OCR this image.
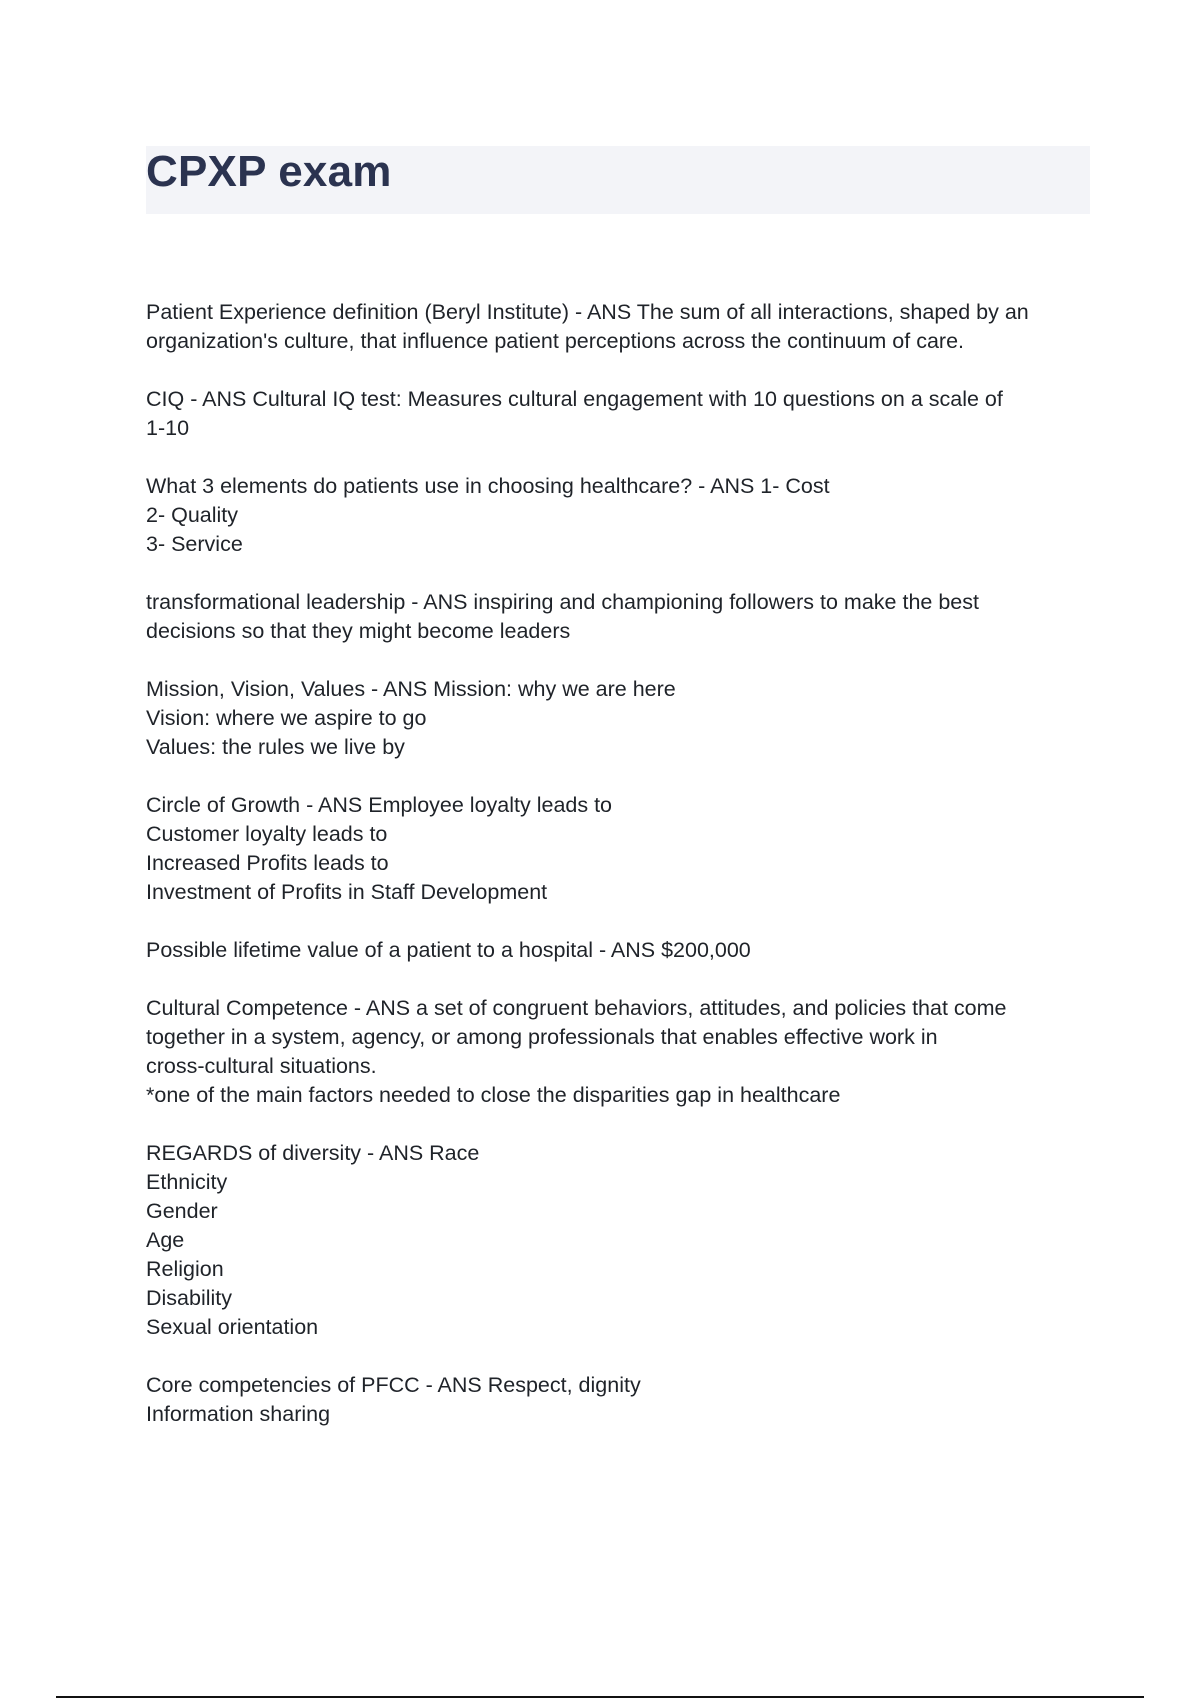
CPXP exam

Patient Experience definition (Beryl Institute) - ANS The sum of all interactions, shaped by an
organization's culture, that influence patient perceptions across the continuum of care.

CIQ - ANS Cultural IQ test: Measures cultural engagement with 10 questions on a scale of
1-10

What 3 elements do patients use in choosing healthcare? - ANS 1- Cost
2- Quality
3- Service

transformational leadership - ANS inspiring and championing followers to make the best
decisions so that they might become leaders

Mission, Vision, Values - ANS Mission: why we are here
Vision: where we aspire to go
Values: the rules we live by

Circle of Growth - ANS Employee loyalty leads to
Customer loyalty leads to
Increased Profits leads to
Investment of Profits in Staff Development

Possible lifetime value of a patient to a hospital - ANS $200,000

Cultural Competence - ANS a set of congruent behaviors, attitudes, and policies that come
together in a system, agency, or among professionals that enables effective work in
cross-cultural situations.
*one of the main factors needed to close the disparities gap in healthcare

REGARDS of diversity - ANS Race
Ethnicity
Gender
Age
Religion
Disability
Sexual orientation

Core competencies of PFCC - ANS Respect, dignity
Information sharing
